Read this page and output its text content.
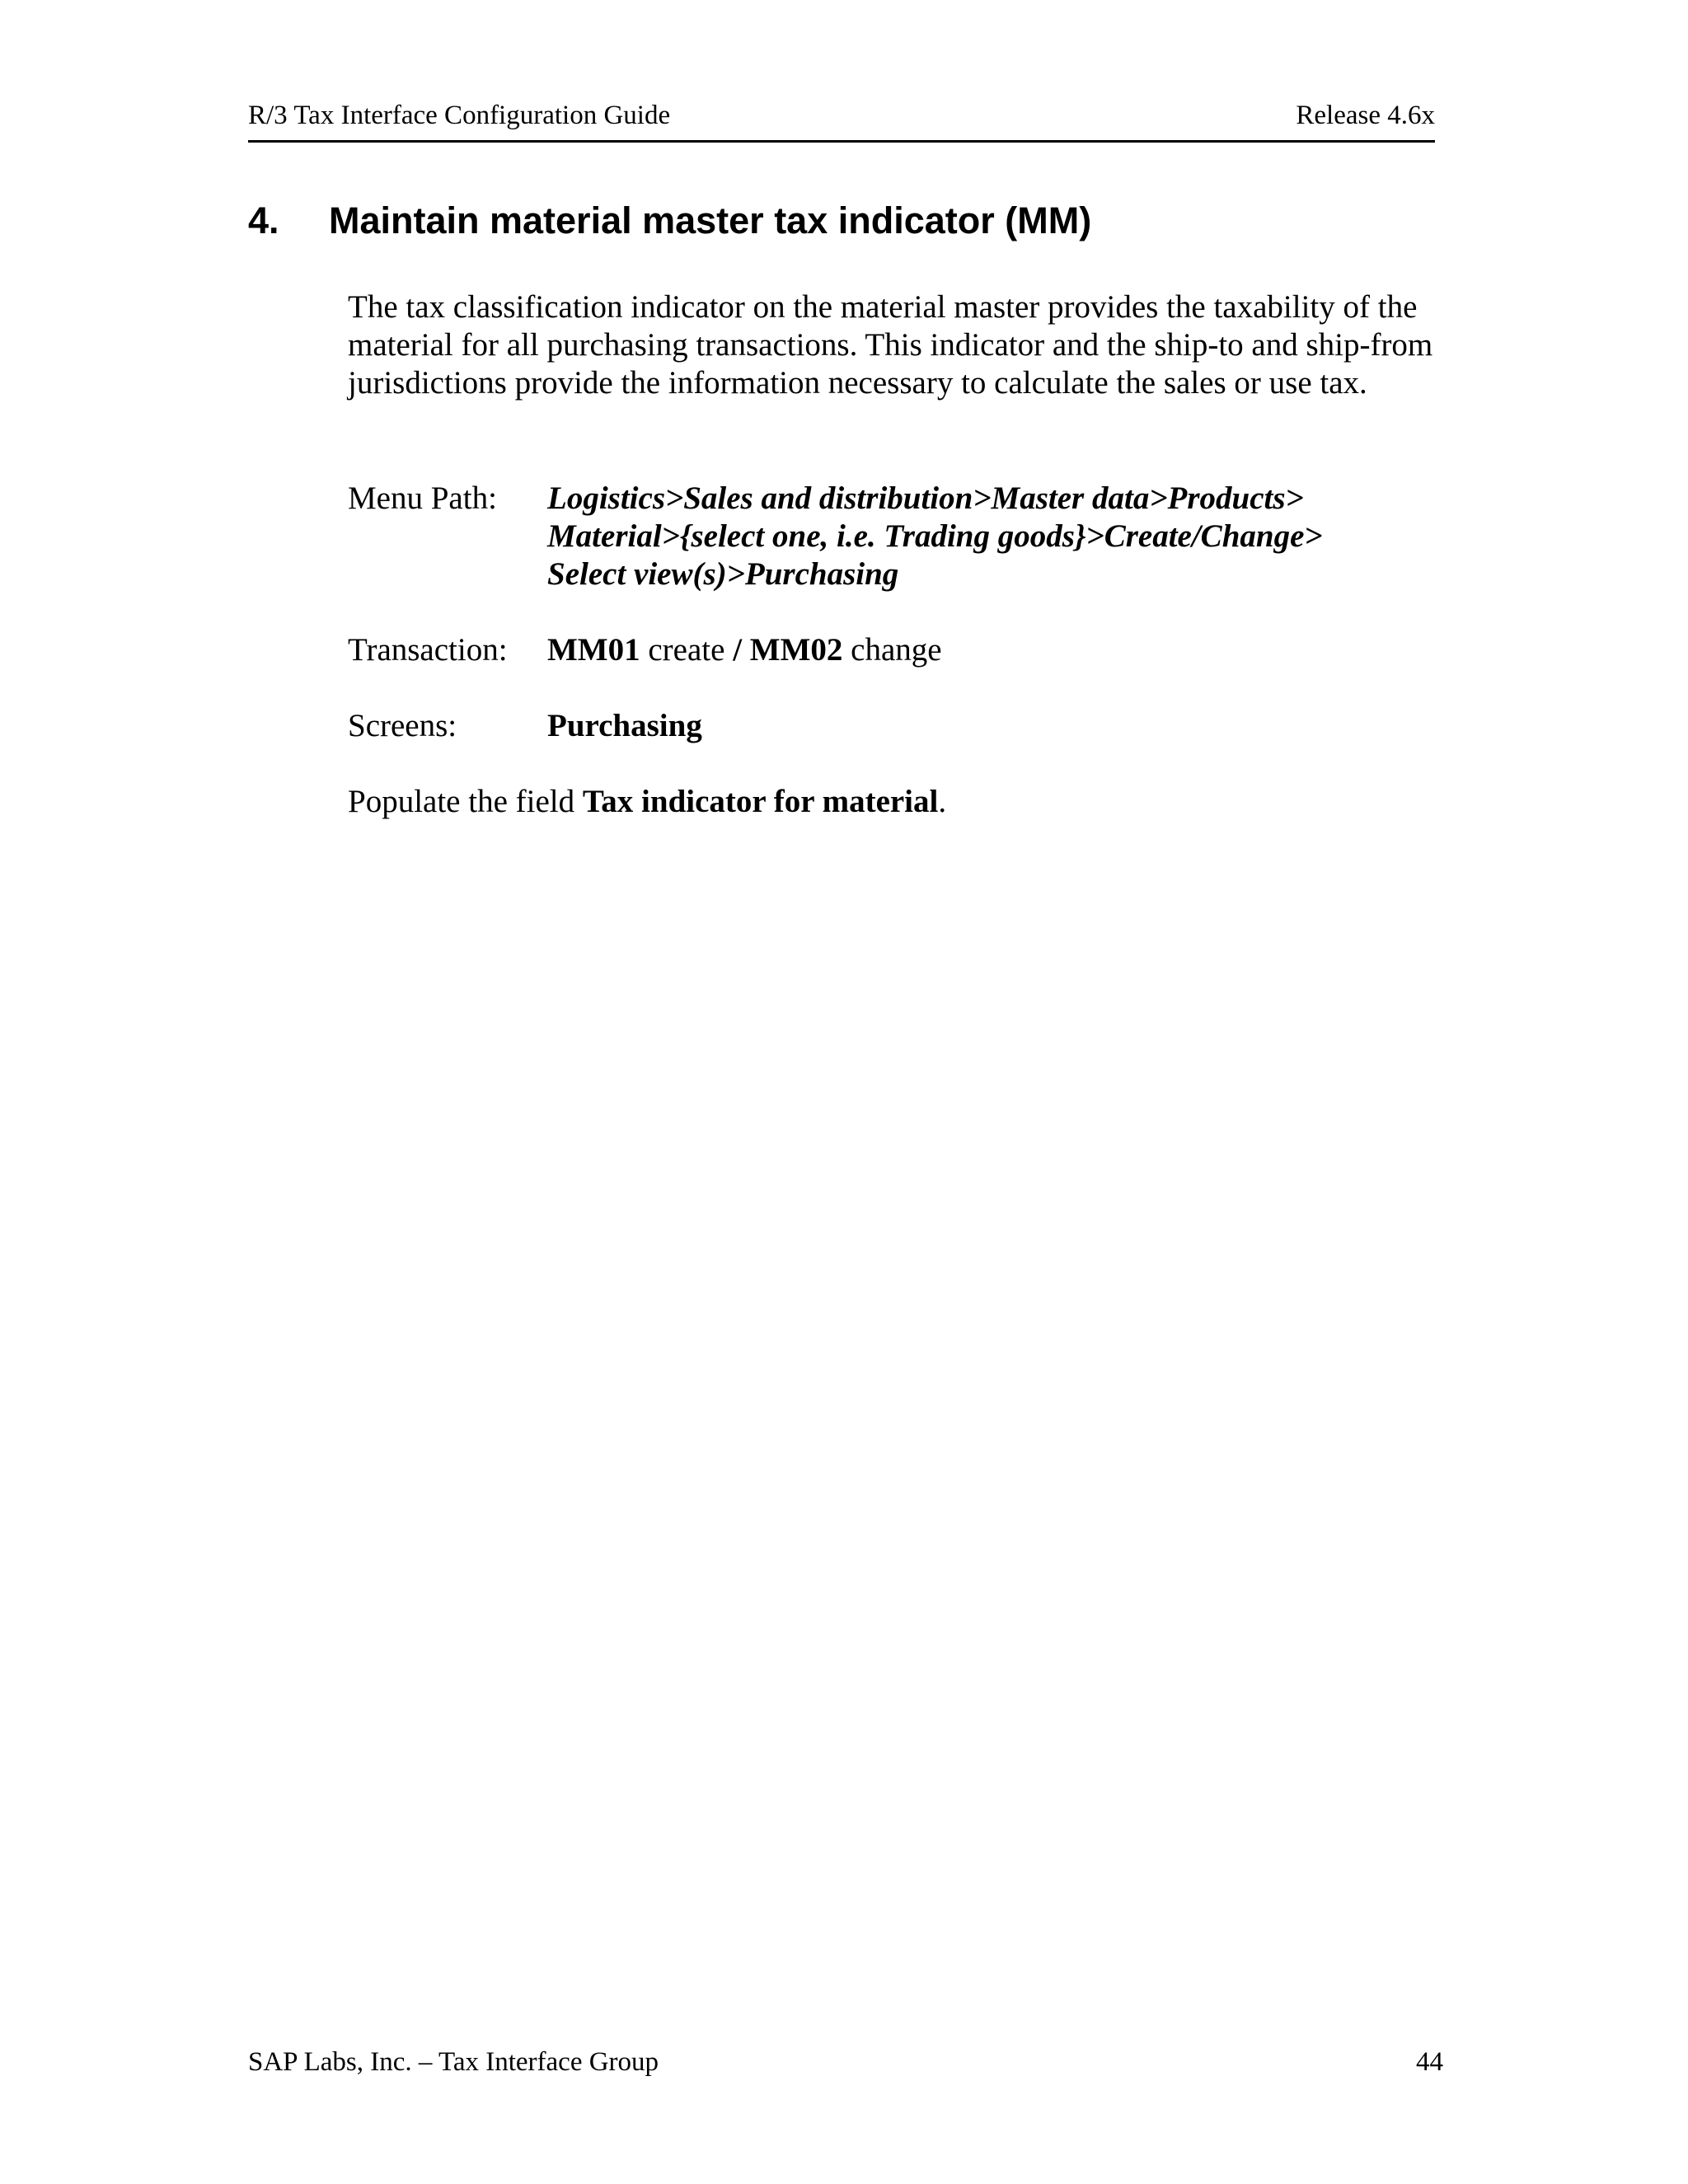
R/3 Tax Interface Configuration Guide	Release 4.6x
4. Maintain material master tax indicator (MM)

The tax classification indicator on the material master provides the taxability of the material for all purchasing transactions. This indicator and the ship-to and ship-from jurisdictions provide the information necessary to calculate the sales or use tax.

Menu Path: Logistics>Sales and distribution>Master data>Products>
Material>{select one, i.e. Trading goods}>Create/Change>
Select view(s)>Purchasing
Transaction: MM01 create / MM02 change
Screens:	Purchasing
Populate the field Tax indicator for material.
SAP Labs, Inc. – Tax Interface Group	44
